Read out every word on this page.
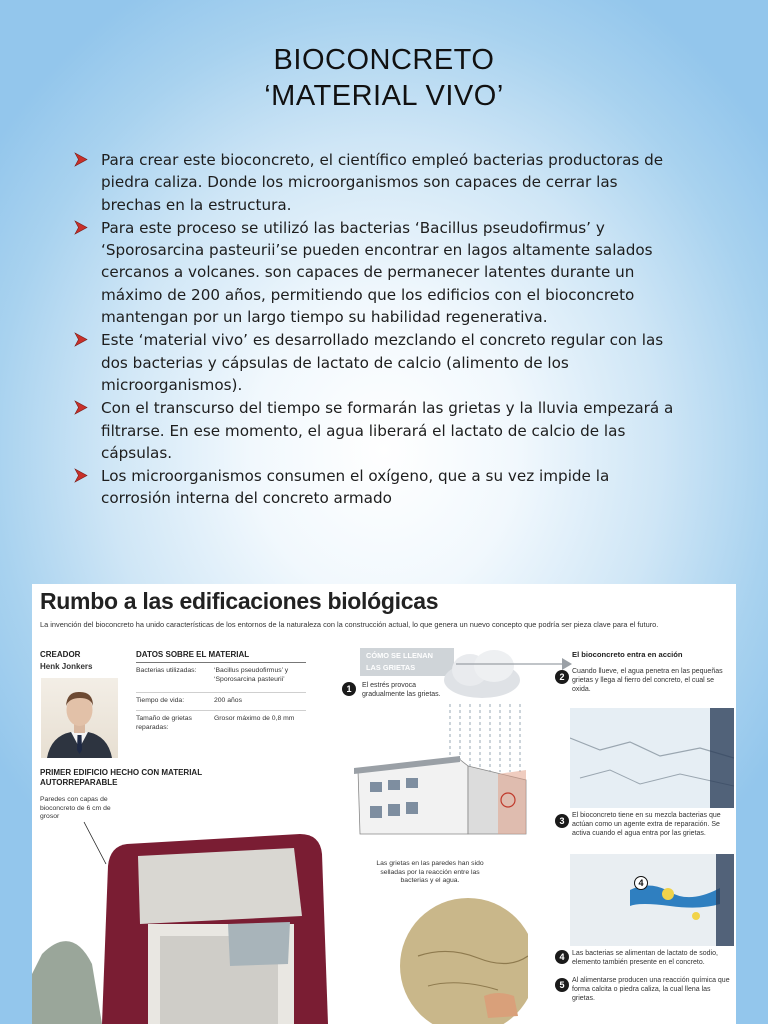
BIOCONCRETO
‘MATERIAL VIVO’
Para crear este bioconcreto, el científico empleó bacterias productoras de piedra caliza. Donde los microorganismos son capaces de cerrar las brechas en la estructura.
Para este proceso se utilizó las bacterias ‘Bacillus pseudofirmus’ y ‘Sporosarcina pasteurii’se pueden encontrar en lagos altamente salados cercanos a volcanes. son capaces de permanecer latentes durante un máximo de 200 años, permitiendo que los edificios con el bioconcreto mantengan por un largo tiempo su habilidad regenerativa.
Este ‘material vivo’ es desarrollado mezclando el concreto regular con las dos bacterias y cápsulas de lactato de calcio (alimento de los microorganismos).
Con el transcurso del tiempo se formarán las grietas y la lluvia empezará a filtrarse. En ese momento, el agua liberará el lactato de calcio de las cápsulas.
Los microorganismos consumen el oxígeno, que a su vez impide la corrosión interna del concreto armado
Rumbo a las edificaciones biológicas
La invención del bioconcreto ha unido características de los entornos de la naturaleza con la construcción actual, lo que genera un nuevo concepto que podría ser pieza clave para el futuro.
CREADOR
Henk Jonkers
DATOS SOBRE EL MATERIAL
Bacterias utilizadas:	‘Bacillus pseudofirmus’ y ‘Sporosarcina pasteurii’
Tiempo de vida:	200 años
Tamaño de grietas reparadas:
Grosor máximo de 0,8 mm
PRIMER EDIFICIO HECHO CON MATERIAL AUTORREPARABLE
Paredes con capas de bioconcreto de 6 cm de grosor
CÓMO SE LLENAN LAS GRIETAS
1	El estrés provoca gradualmente las grietas.
Las grietas en las paredes han sido selladas por la reacción entre las bacterias y el agua.
El bioconcreto entra en acción
2
Cuando llueve, el agua penetra en las pequeñas grietas y llega al fierro del concreto, el cual se oxida.
3
El bioconcreto tiene en su mezcla bacterias que actúan como un agente extra de reparación. Se activa cuando el agua entra por las grietas.
4
4	Las bacterias se alimentan de lactato de sodio, elemento también presente en el concreto.
5	Al alimentarse producen una reacción química que forma calcita o piedra caliza, la cual llena las grietas.
